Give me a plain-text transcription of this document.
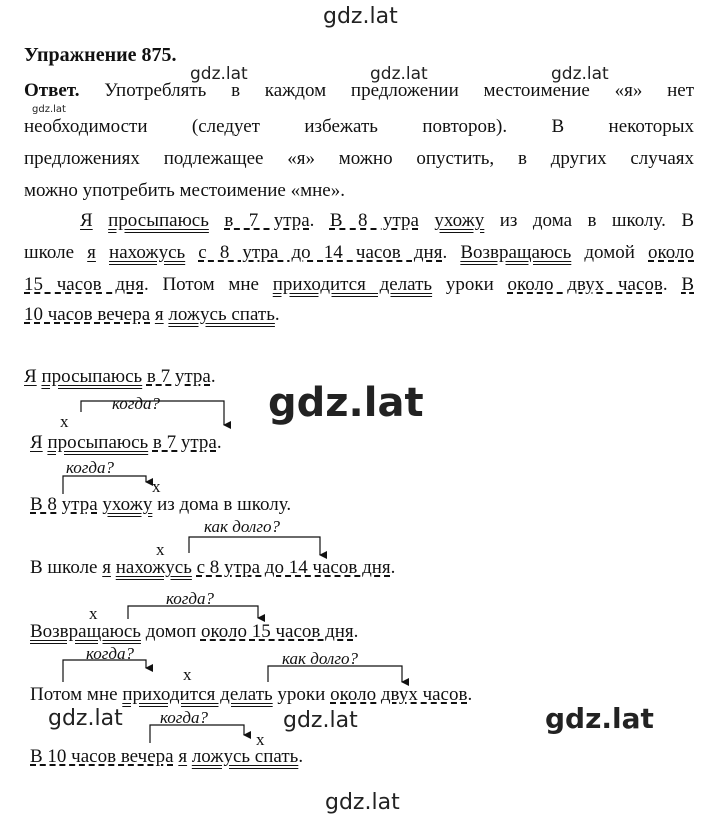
gdz.lat
gdz.lat	gdz.lat	gdz.lat
gdz.lat
gdz.lat
gdz.lat	gdz.lat	gdz.lat
gdz.lat
Упражнение 875.
Ответ. Употреблять в каждом предложении местоимение «я» нет
необходимости (следует избежать повторов). В некоторых
предложениях подлежащее «я» можно опустить, в других случаях
можно употребить местоимение «мне».
Я просыпаюсь в 7 утра. В 8 утра ухожу из дома в школу. В
школе я нахожусь с 8 утра до 14 часов дня. Возвращаюсь домой около
15 часов дня. Потом мне приходится делать уроки около двух часов. В
10 часов вечера я ложусь спать.
Я просыпаюсь в 7 утра.
x
когда?
Я просыпаюсь в 7 утра.
когда?
x
В 8 утра ухожу из дома в школу.
как долго?
x
В школе я нахожусь с 8 утра до 14 часов дня.
x
когда?
Возвращаюсь домоп около 15 часов дня.
когда?
x
как долго?
Потом мне приходится делать уроки около двух часов.
когда?
x
В 10 часов вечера я ложусь спать.
